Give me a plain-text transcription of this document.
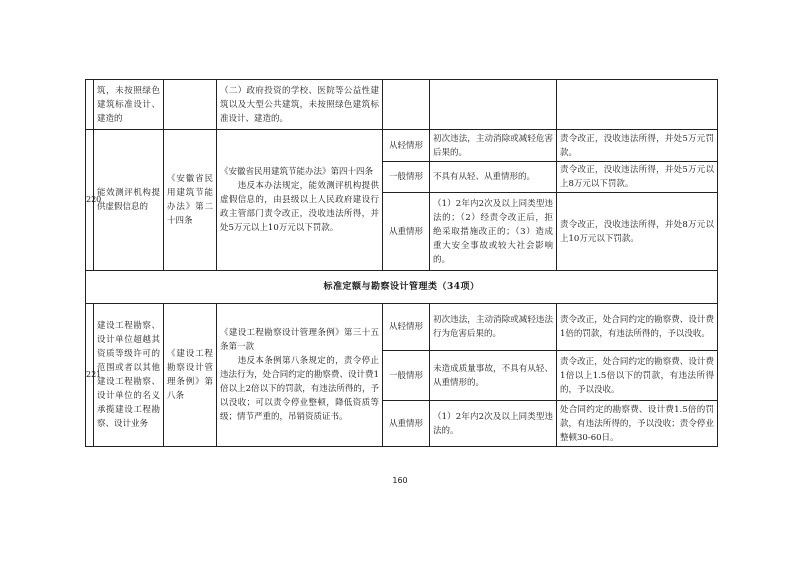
	筑，未按照绿色建筑标准设计、建造的		（二）政府投资的学校、医院等公益性建筑以及大型公共建筑，未按照绿色建筑标准设计、建造的。			
220	能效测评机构提供虚假信息的	《安徽省民用建筑节能办法》第二十四条	《安徽省民用建筑节能办法》第四十四条
　　违反本办法规定，能效测评机构提供虚假信息的，由县级以上人民政府建设行政主管部门责令改正，没收违法所得，并处5万元以上10万元以下罚款。	从轻情形	初次违法，主动消除或减轻危害后果的。	责令改正，没收违法所得，并处5万元罚款。
				一般情形	不具有从轻、从重情形的。	责令改正，没收违法所得，并处5万元以上8万元以下罚款。
				从重情形	（1）2年内2次及以上同类型违法的；（2）经责令改正后，拒绝采取措施改正的；（3）造成重大安全事故或较大社会影响的。	责令改正，没收违法所得，并处8万元以上10万元以下罚款。
标准定额与勘察设计管理类（34项）						
221	建设工程勘察、设计单位超越其资质等级许可的范围或者以其他建设工程勘察、设计单位的名义承揽建设工程勘察、设计业务	《建设工程勘察设计管理条例》第八条	《建设工程勘察设计管理条例》第三十五条第一款
　　违反本条例第八条规定的，责令停止违法行为，处合同约定的勘察费、设计费1倍以上2倍以下的罚款，有违法所得的，予以没收；可以责令停业整顿，降低资质等级；情节严重的，吊销资质证书。	从轻情形	初次违法，主动消除或减轻违法行为危害后果的。	责令改正，处合同约定的勘察费、设计费1倍的罚款，有违法所得的，予以没收。
				一般情形	未造成质量事故，不具有从轻、从重情形的。	责令改正，处合同约定的勘察费、设计费1倍以上1.5倍以下的罚款，有违法所得的，予以没收。
				从重情形	（1）2年内2次及以上同类型违法的。	处合同约定的勘察费、设计费1.5倍的罚款，有违法所得的，予以没收；责令停业整顿30-60日。
160
